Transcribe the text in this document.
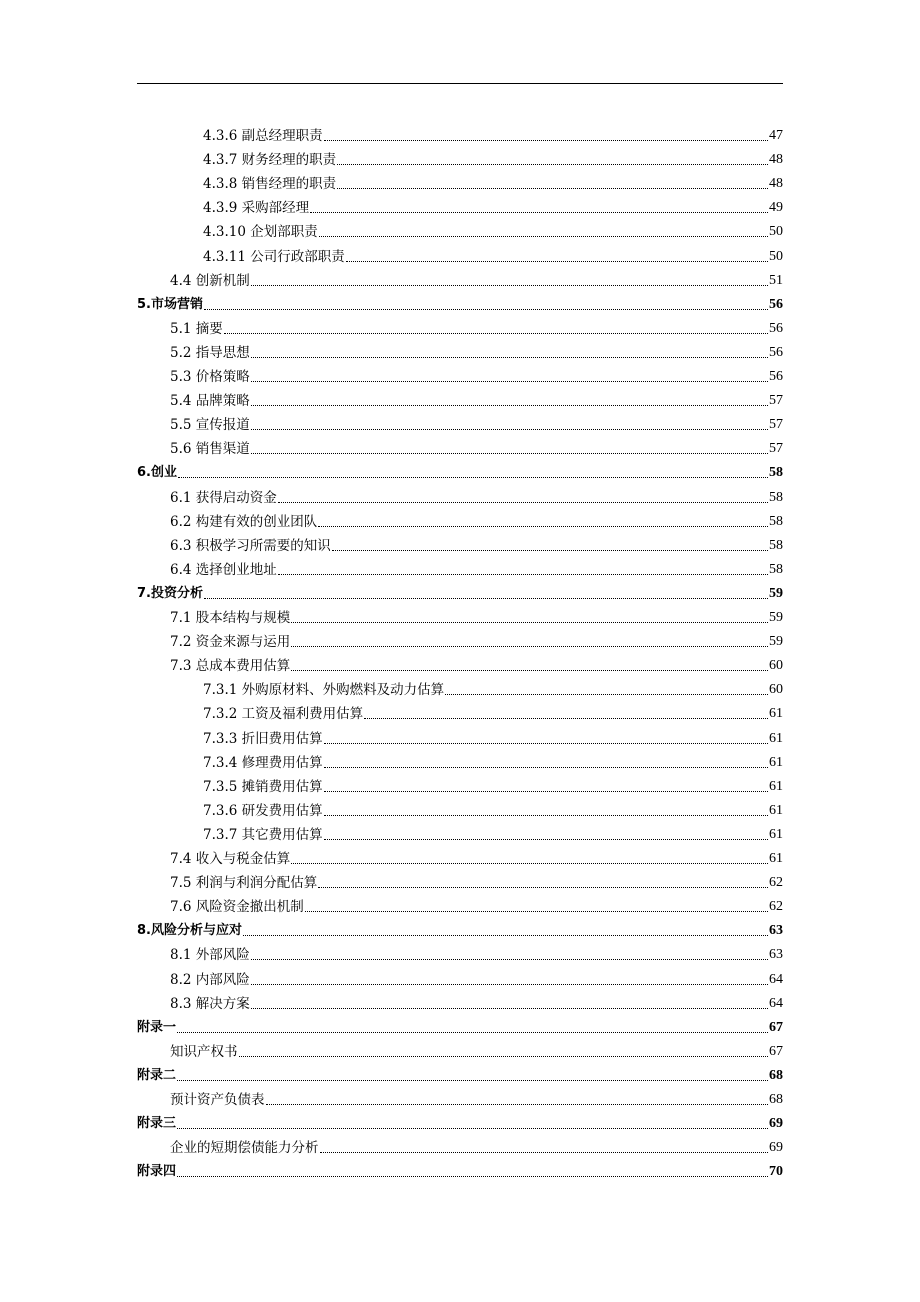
4.3.6 副总经理职责	47
4.3.7 财务经理的职责	48
4.3.8 销售经理的职责	48
4.3.9 采购部经理	49
4.3.10 企划部职责	50
4.3.11 公司行政部职责	50
4.4 创新机制	51
5.市场营销	56
5.1 摘要	56
5.2 指导思想	56
5.3 价格策略	56
5.4 品牌策略	57
5.5 宣传报道	57
5.6 销售渠道	57
6.创业	58
6.1 获得启动资金	58
6.2 构建有效的创业团队	58
6.3 积极学习所需要的知识	58
6.4 选择创业地址	58
7.投资分析	59
7.1 股本结构与规模	59
7.2 资金来源与运用	59
7.3 总成本费用估算	60
7.3.1 外购原材料、外购燃料及动力估算	60
7.3.2 工资及福利费用估算	61
7.3.3 折旧费用估算	61
7.3.4 修理费用估算	61
7.3.5 摊销费用估算	61
7.3.6 研发费用估算	61
7.3.7 其它费用估算	61
7.4 收入与税金估算	61
7.5 利润与利润分配估算	62
7.6 风险资金撤出机制	62
8.风险分析与应对	63
8.1 外部风险	63
8.2 内部风险	64
8.3 解决方案	64
附录一	67
知识产权书	67
附录二	68
预计资产负债表	68
附录三	69
企业的短期偿债能力分析	69
附录四	70
